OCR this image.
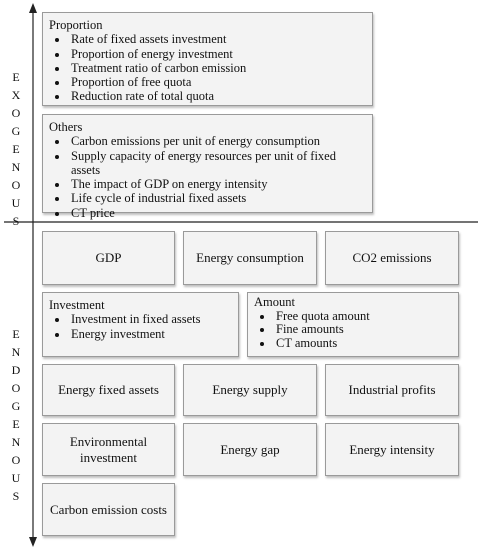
E
X
O
G
E
N
O
U
S
E
N
D
O
G
E
N
O
U
S
Proportion
• Rate of fixed assets investment
• Proportion of energy investment
• Treatment ratio of carbon emission
• Proportion of free quota
• Reduction rate of total quota
Others
• Carbon emissions per unit of energy consumption
• Supply capacity of energy resources per unit of fixed assets
• The impact of GDP on energy intensity
• Life cycle of industrial fixed assets
• CT price
GDP	Energy consumption	CO2 emissions
Investment
• Investment in fixed assets
• Energy investment
Amount
• Free quota amount
• Fine amounts
• CT amounts
Energy fixed assets	Energy supply	Industrial profits
Environmental investment
Energy gap	Energy intensity
Carbon emission costs
